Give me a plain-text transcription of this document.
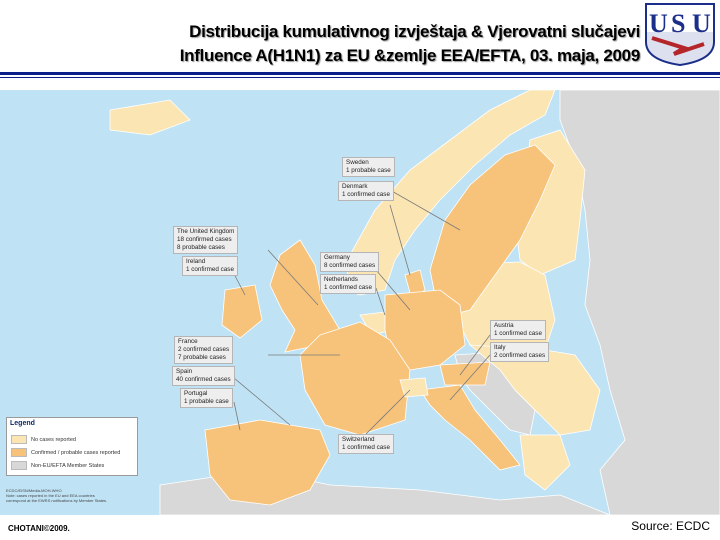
Distribucija kumulativnog izvještaja & Vjerovatni slučajevi
Influence A(H1N1) za EU &zemlje EEA/EFTA, 03. maja, 2009
U S U
Sweden
1 probable case
Denmark
1 confirmed case
The United Kingdom
18 confirmed cases
8 probable cases
Ireland
1 confirmed case
Germany
8 confirmed cases
Netherlands
1 confirmed case
Austria
1 confirmed case
Italy
2 confirmed cases
France
2 confirmed cases
7 probable cases
Spain
40 confirmed cases
Portugal
1 probable case
Switzerland
1 confirmed case
Legend
No cases reported
Confirmed / probable cases reported
Non-EU/EFTA Member States
ECDC/EISN/Media-MOH-WHO
Note: cases reported in the EU and EEA countries
correspond at the EWRS notifications by Member States.
CHOTANI©2009.	Source: ECDC
